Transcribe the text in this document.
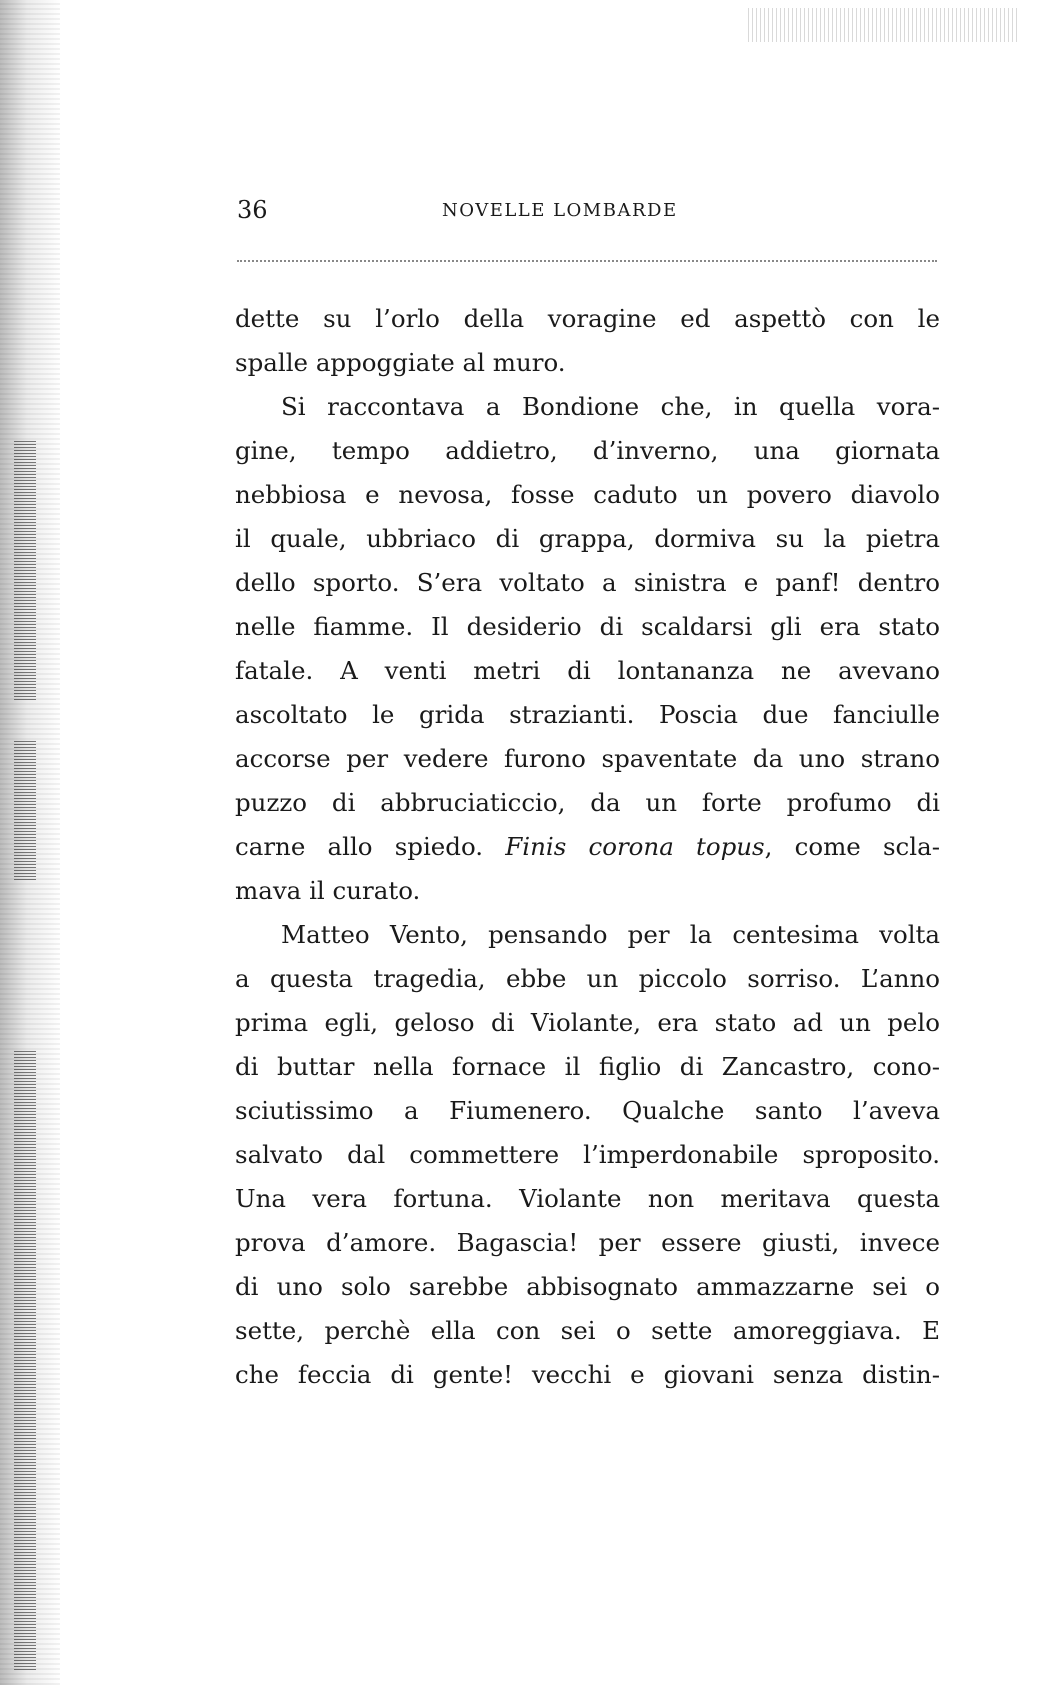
36	NOVELLE LOMBARDE
dette su l’orlo della voragine ed aspettò con le
spalle appoggiate al muro.
Si raccontava a Bondione che, in quella vora-
gine, tempo addietro, d’inverno, una giornata
nebbiosa e nevosa, fosse caduto un povero diavolo
il quale, ubbriaco di grappa, dormiva su la pietra
dello sporto. S’era voltato a sinistra e panf! dentro
nelle fiamme. Il desiderio di scaldarsi gli era stato
fatale. A venti metri di lontananza ne avevano
ascoltato le grida strazianti. Poscia due fanciulle
accorse per vedere furono spaventate da uno strano
puzzo di abbruciaticcio, da un forte profumo di
carne allo spiedo. Finis corona topus, come scla-
mava il curato.
Matteo Vento, pensando per la centesima volta
a questa tragedia, ebbe un piccolo sorriso. L’anno
prima egli, geloso di Violante, era stato ad un pelo
di buttar nella fornace il figlio di Zancastro, cono-
sciutissimo a Fiumenero. Qualche santo l’aveva
salvato dal commettere l’imperdonabile sproposito.
Una vera fortuna. Violante non meritava questa
prova d’amore. Bagascia! per essere giusti, invece
di uno solo sarebbe abbisognato ammazzarne sei o
sette, perchè ella con sei o sette amoreggiava. E
che feccia di gente! vecchi e giovani senza distin-
